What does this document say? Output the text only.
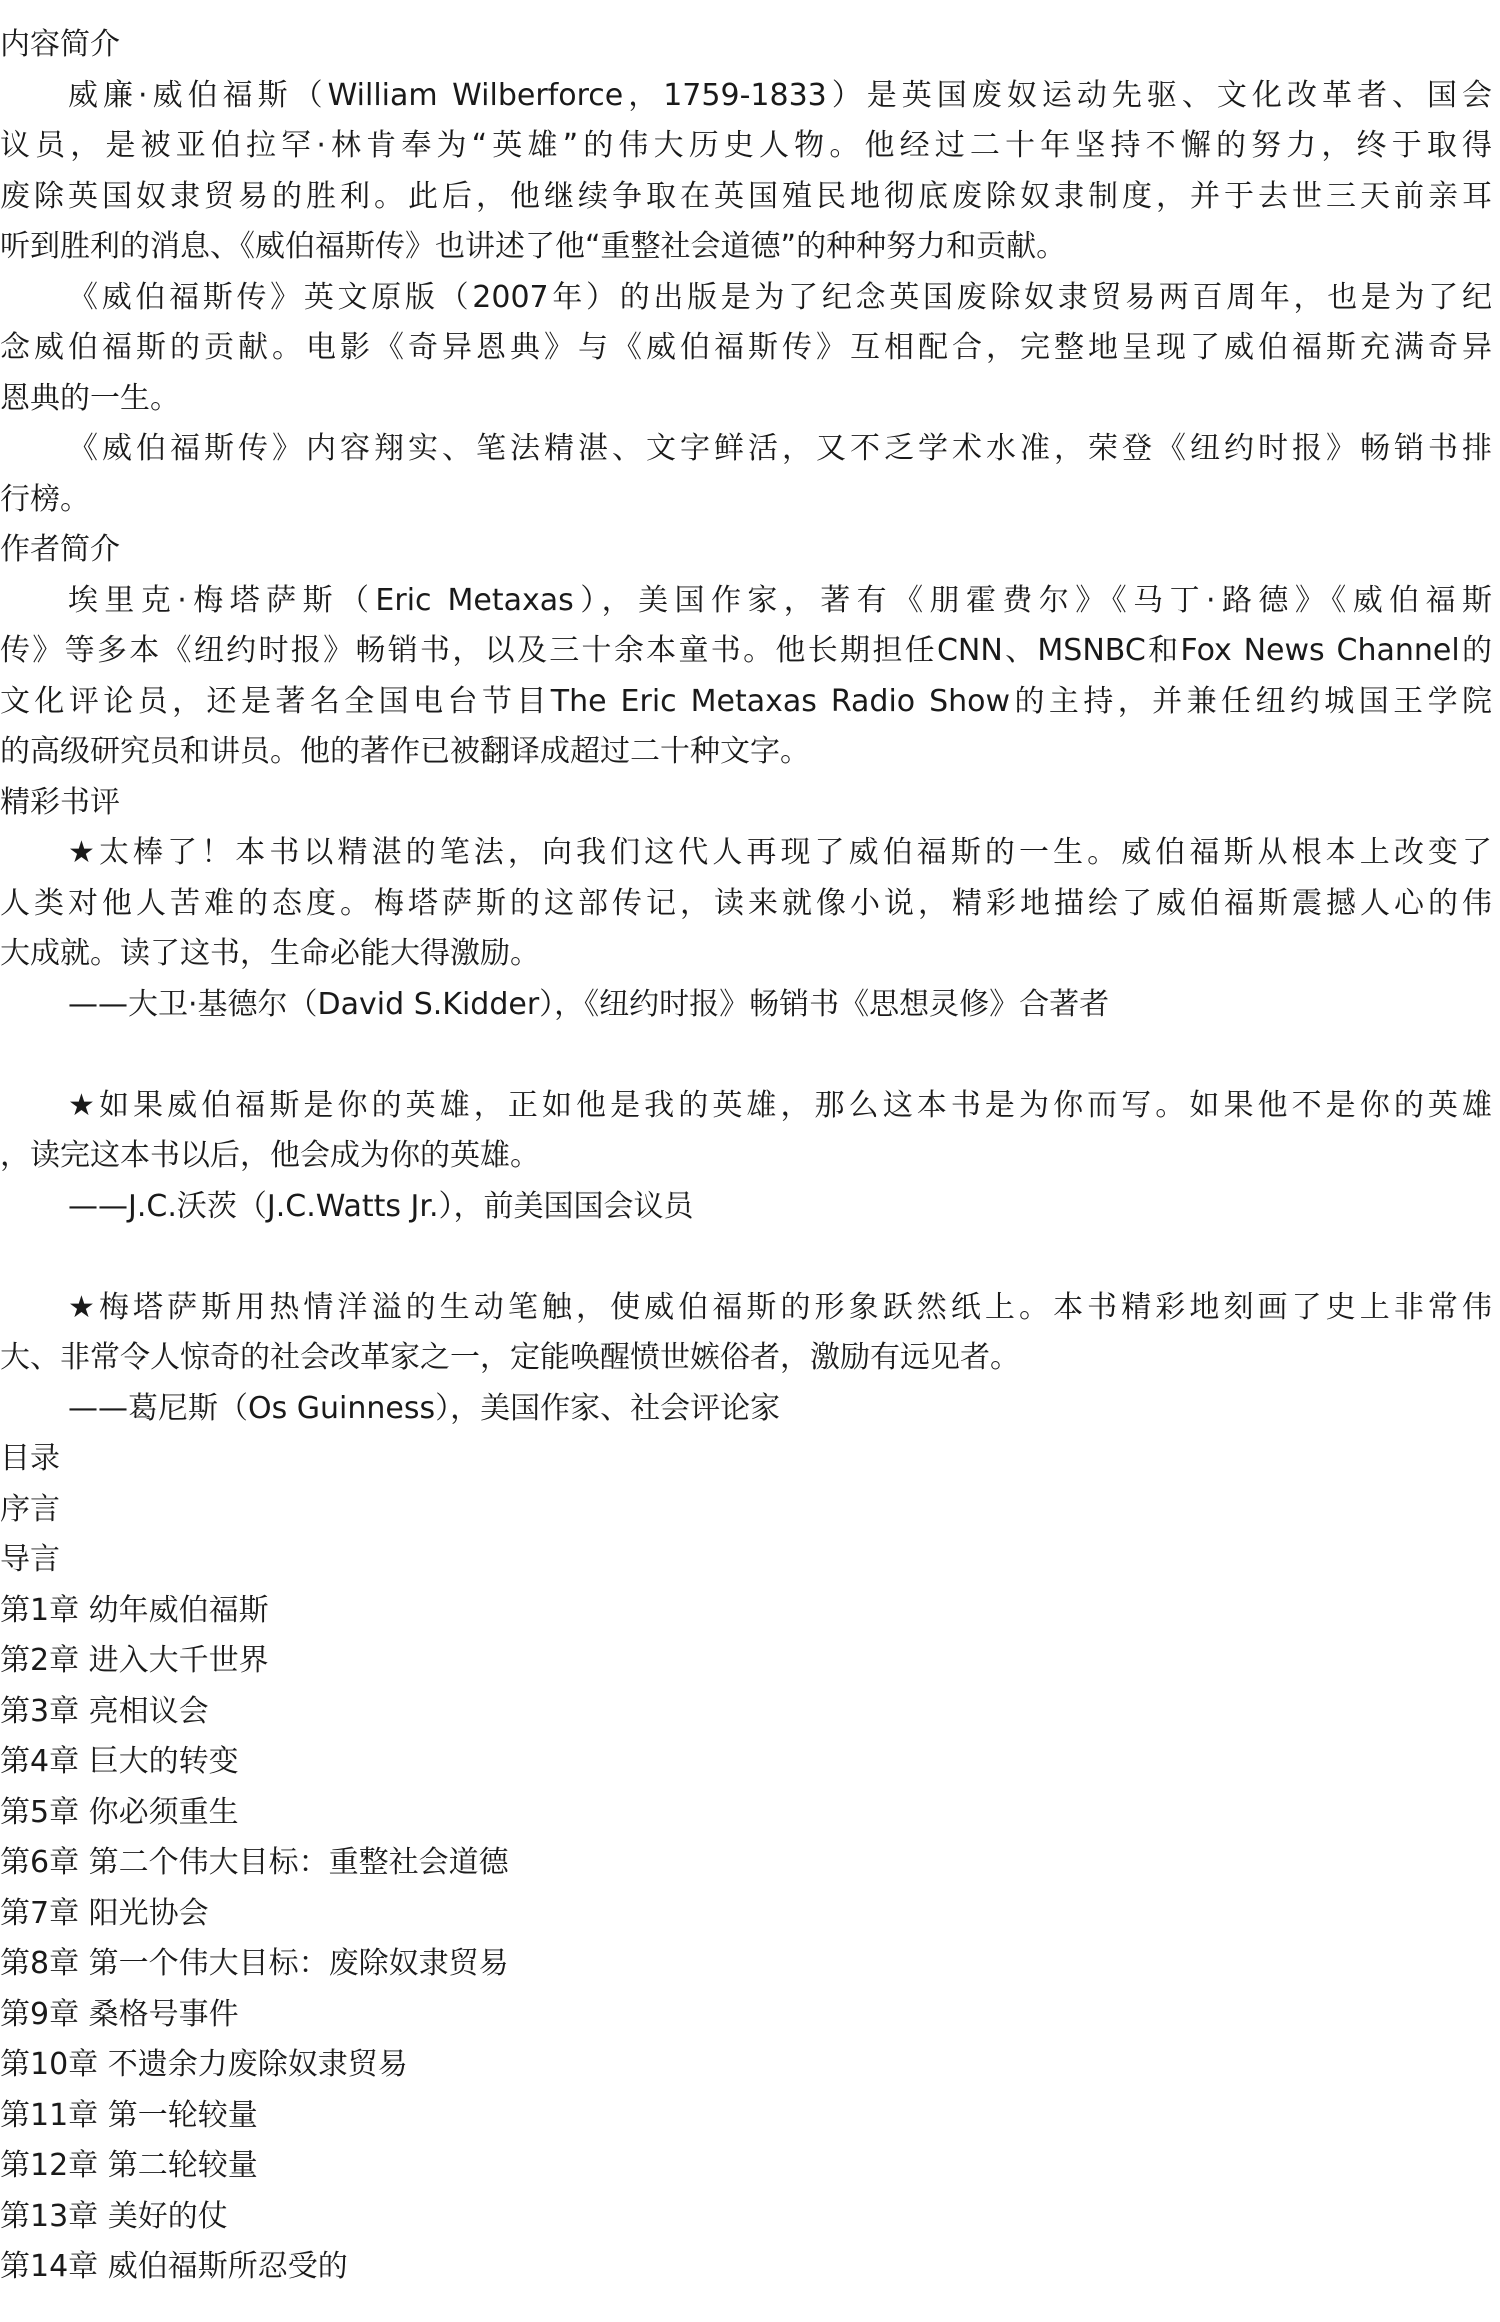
内容简介
威廉·威伯福斯（William Wilberforce，1759-1833）是英国废奴运动先驱、文化改革者、国会
议员，是被亚伯拉罕·林肯奉为“英雄”的伟大历史人物。他经过二十年坚持不懈的努力，终于取得
废除英国奴隶贸易的胜利。此后，他继续争取在英国殖民地彻底废除奴隶制度，并于去世三天前亲耳
听到胜利的消息、《威伯福斯传》也讲述了他“重整社会道德”的种种努力和贡献。
《威伯福斯传》英文原版（2007年）的出版是为了纪念英国废除奴隶贸易两百周年，也是为了纪
念威伯福斯的贡献。电影《奇异恩典》与《威伯福斯传》互相配合，完整地呈现了威伯福斯充满奇异
恩典的一生。
《威伯福斯传》内容翔实、笔法精湛、文字鲜活，又不乏学术水准，荣登《纽约时报》畅销书排
行榜。
作者简介
埃里克·梅塔萨斯（Eric Metaxas），美国作家，著有《朋霍费尔》《马丁·路德》《威伯福斯
传》等多本《纽约时报》畅销书，以及三十余本童书。他长期担任CNN、MSNBC和Fox News Channel的
文化评论员，还是著名全国电台节目The Eric Metaxas Radio Show的主持，并兼任纽约城国王学院
的高级研究员和讲员。他的著作已被翻译成超过二十种文字。
精彩书评
★太棒了！本书以精湛的笔法，向我们这代人再现了威伯福斯的一生。威伯福斯从根本上改变了
人类对他人苦难的态度。梅塔萨斯的这部传记，读来就像小说，精彩地描绘了威伯福斯震撼人心的伟
大成就。读了这书，生命必能大得激励。
——大卫·基德尔（David S.Kidder），《纽约时报》畅销书《思想灵修》合著者
★如果威伯福斯是你的英雄，正如他是我的英雄，那么这本书是为你而写。如果他不是你的英雄
，读完这本书以后，他会成为你的英雄。
——J.C.沃茨（J.C.Watts Jr.），前美国国会议员
★梅塔萨斯用热情洋溢的生动笔触，使威伯福斯的形象跃然纸上。本书精彩地刻画了史上非常伟
大、非常令人惊奇的社会改革家之一，定能唤醒愤世嫉俗者，激励有远见者。
——葛尼斯（Os Guinness），美国作家、社会评论家
目录
序言
导言
第1章 幼年威伯福斯
第2章 进入大千世界
第3章 亮相议会
第4章 巨大的转变
第5章 你必须重生
第6章 第二个伟大目标：重整社会道德
第7章 阳光协会
第8章 第一个伟大目标：废除奴隶贸易
第9章 桑格号事件
第10章 不遗余力废除奴隶贸易
第11章 第一轮较量
第12章 第二轮较量
第13章 美好的仗
第14章 威伯福斯所忍受的
